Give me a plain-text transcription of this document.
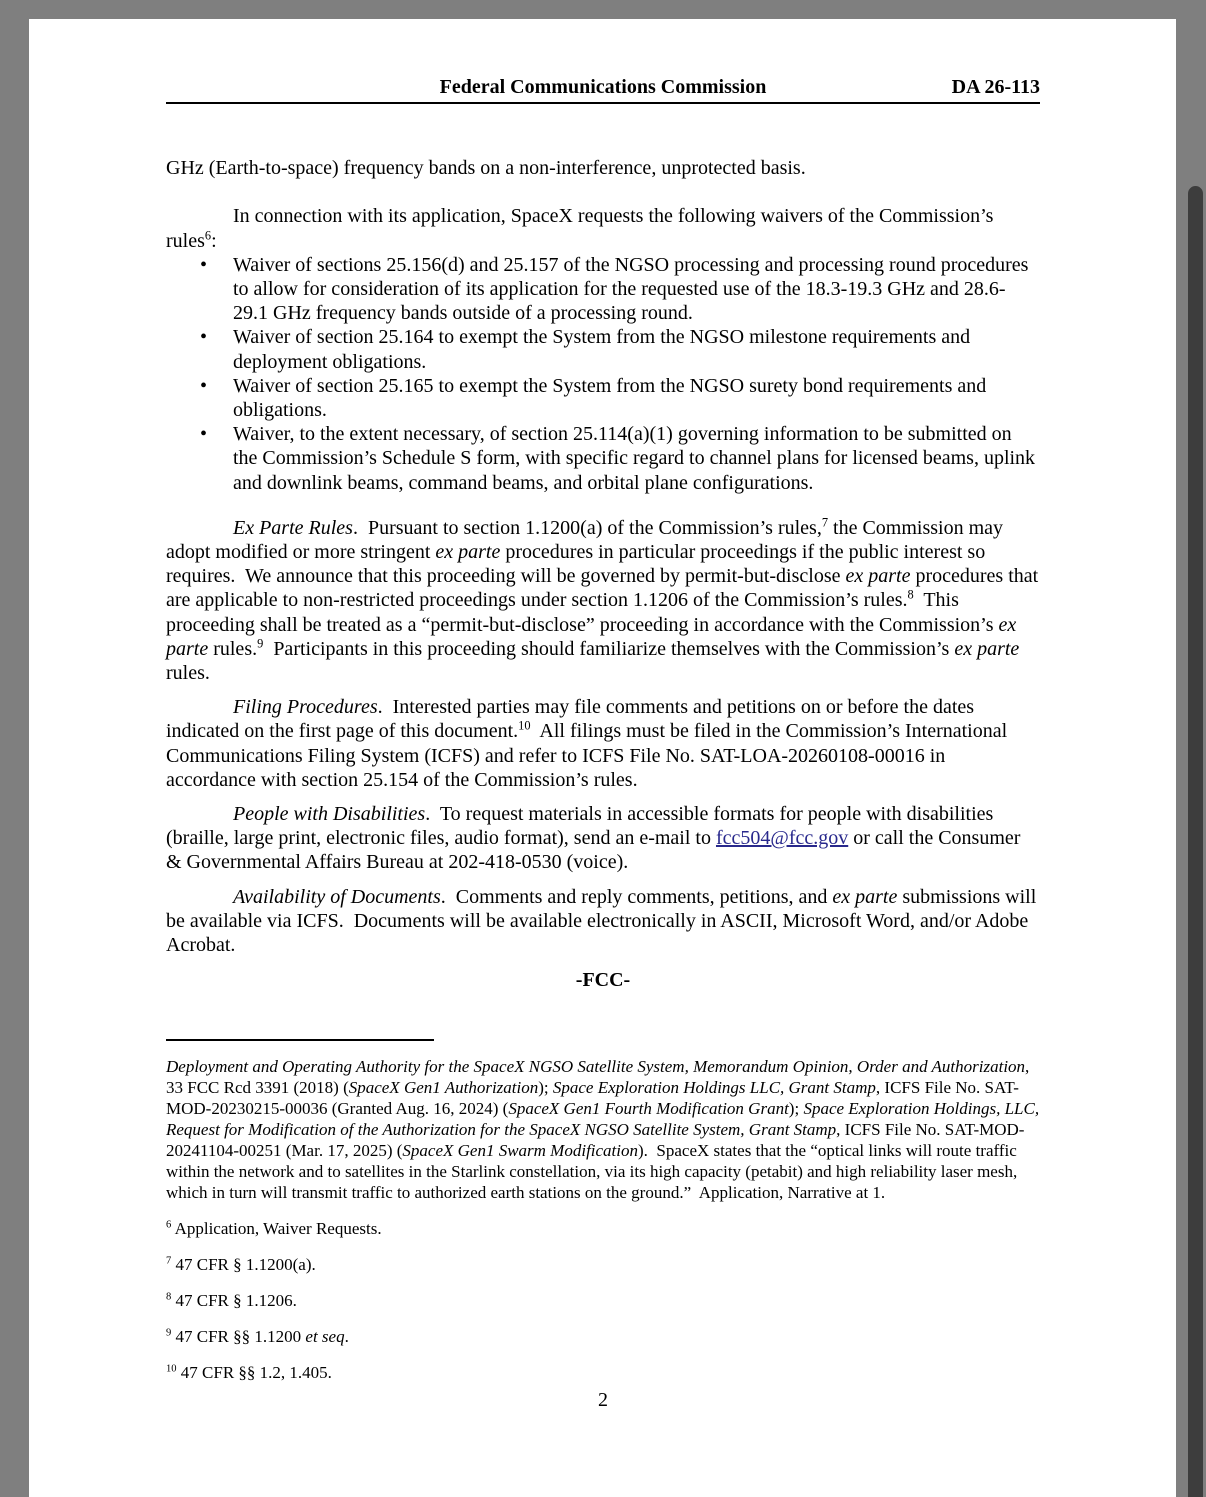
Federal Communications Commission	DA 26-113

GHz (Earth-to-space) frequency bands on a non-interference, unprotected basis.

In connection with its application, SpaceX requests the following waivers of the Commission’s rules$^6$:

• Waiver of sections 25.156(d) and 25.157 of the NGSO processing and processing round procedures to allow for consideration of its application for the requested use of the 18.3-19.3 GHz and 28.6-29.1 GHz frequency bands outside of a processing round.
• Waiver of section 25.164 to exempt the System from the NGSO milestone requirements and deployment obligations.
• Waiver of section 25.165 to exempt the System from the NGSO surety bond requirements and obligations.
• Waiver, to the extent necessary, of section 25.114(a)(1) governing information to be submitted on the Commission’s Schedule S form, with specific regard to channel plans for licensed beams, uplink and downlink beams, command beams, and orbital plane configurations.

Ex Parte Rules.  Pursuant to section 1.1200(a) of the Commission’s rules,$^7$ the Commission may adopt modified or more stringent ex parte procedures in particular proceedings if the public interest so requires.  We announce that this proceeding will be governed by permit-but-disclose ex parte procedures that are applicable to non-restricted proceedings under section 1.1206 of the Commission’s rules.$^8$  This proceeding shall be treated as a “permit-but-disclose” proceeding in accordance with the Commission’s ex parte rules.$^9$  Participants in this proceeding should familiarize themselves with the Commission’s ex parte rules.

Filing Procedures.  Interested parties may file comments and petitions on or before the dates indicated on the first page of this document.$^{10}$  All filings must be filed in the Commission’s International Communications Filing System (ICFS) and refer to ICFS File No. SAT-LOA-20260108-00016 in accordance with section 25.154 of the Commission’s rules.

People with Disabilities.  To request materials in accessible formats for people with disabilities (braille, large print, electronic files, audio format), send an e-mail to fcc504@fcc.gov or call the Consumer & Governmental Affairs Bureau at 202-418-0530 (voice).

Availability of Documents.  Comments and reply comments, petitions, and ex parte submissions will be available via ICFS.  Documents will be available electronically in ASCII, Microsoft Word, and/or Adobe Acrobat.

-FCC-

Deployment and Operating Authority for the SpaceX NGSO Satellite System, Memorandum Opinion, Order and Authorization, 33 FCC Rcd 3391 (2018) (SpaceX Gen1 Authorization); Space Exploration Holdings LLC, Grant Stamp, ICFS File No. SAT-MOD-20230215-00036 (Granted Aug. 16, 2024) (SpaceX Gen1 Fourth Modification Grant); Space Exploration Holdings, LLC, Request for Modification of the Authorization for the SpaceX NGSO Satellite System, Grant Stamp, ICFS File No. SAT-MOD-20241104-00251 (Mar. 17, 2025) (SpaceX Gen1 Swarm Modification).  SpaceX states that the “optical links will route traffic within the network and to satellites in the Starlink constellation, via its high capacity (petabit) and high reliability laser mesh, which in turn will transmit traffic to authorized earth stations on the ground.”  Application, Narrative at 1.

$^6$ Application, Waiver Requests.

$^7$ 47 CFR § 1.1200(a).

$^8$ 47 CFR § 1.1206.

$^9$ 47 CFR §§ 1.1200 et seq.

$^{10}$ 47 CFR §§ 1.2, 1.405.

2
